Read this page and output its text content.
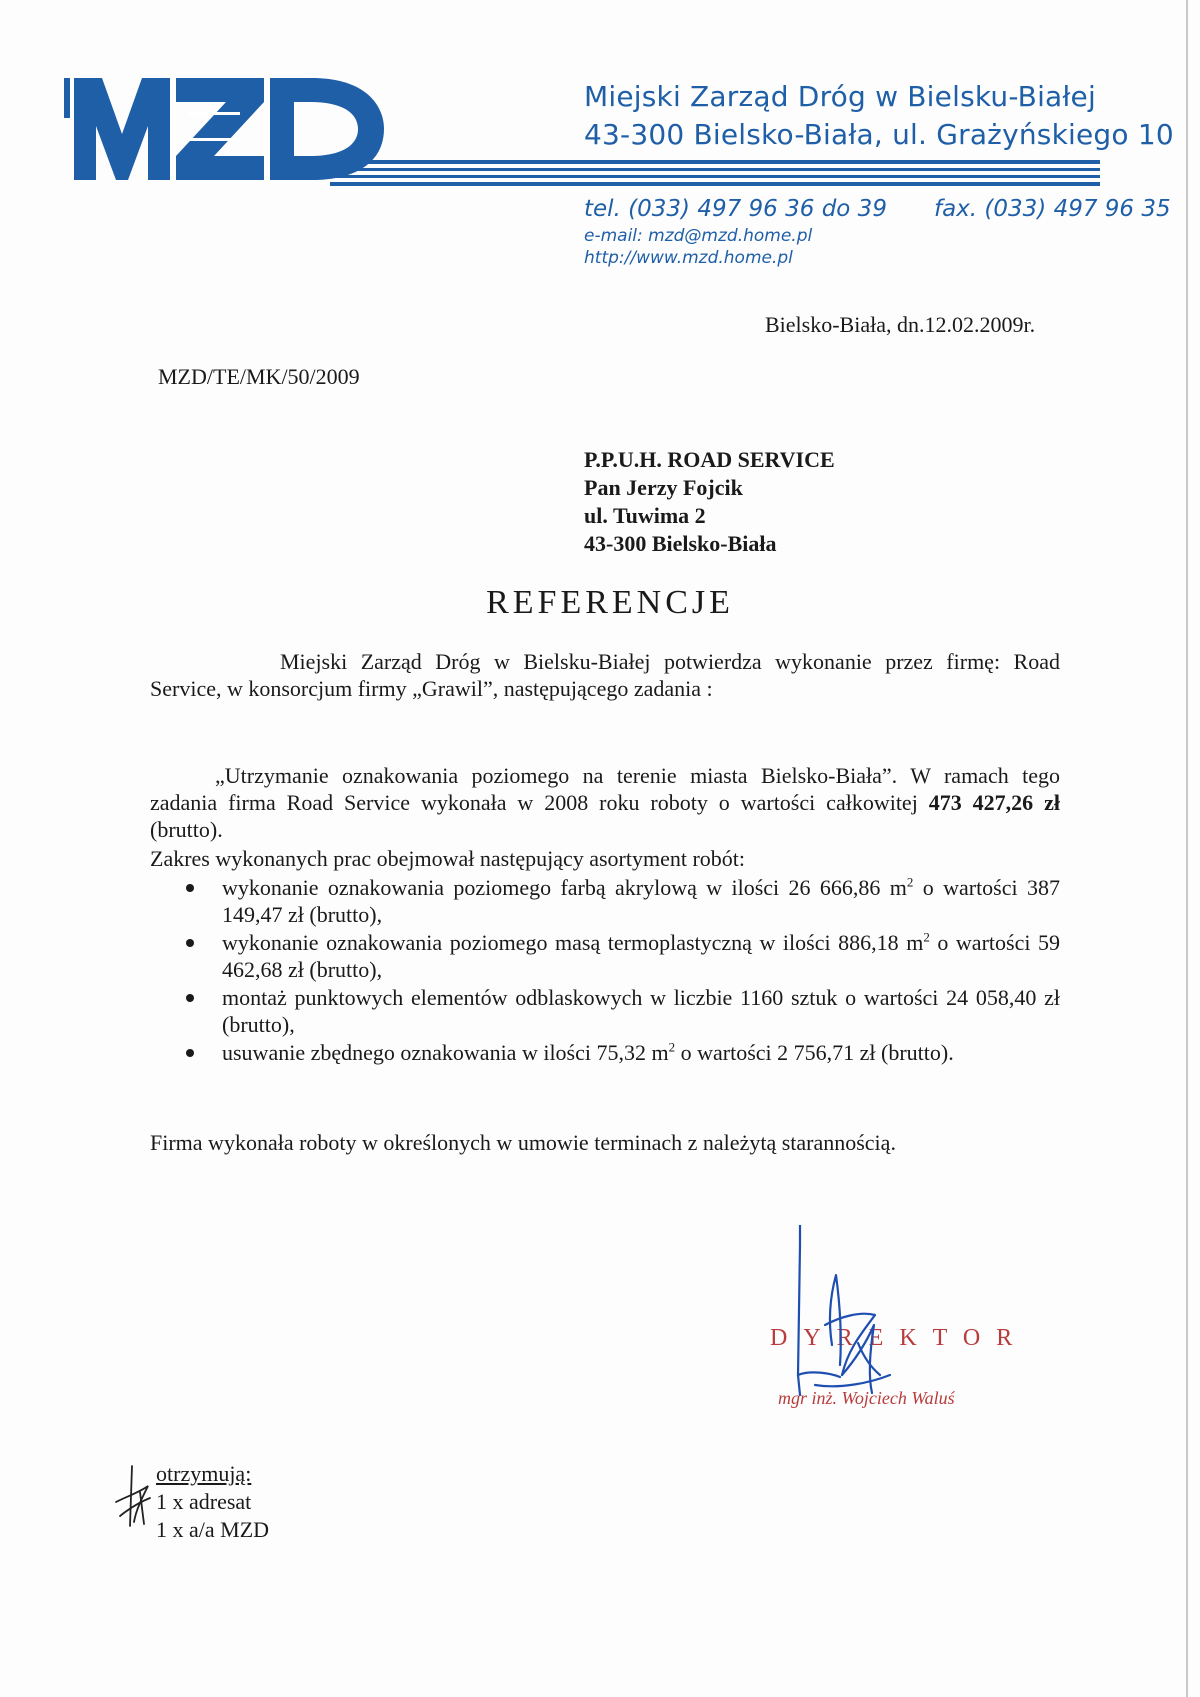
Miejski Zarząd Dróg w Bielsku-Białej
43-300 Bielsko-Biała, ul. Grażyńskiego 10
tel. (033) 497 96 36 do 39 fax. (033) 497 96 35
e-mail: mzd@mzd.home.pl
http://www.mzd.home.pl
Bielsko-Biała, dn.12.02.2009r.
MZD/TE/MK/50/2009
P.P.U.H. ROAD SERVICE
Pan Jerzy Fojcik
ul. Tuwima 2
43-300 Bielsko-Biała
REFERENCJE
Miejski Zarząd Dróg w Bielsku-Białej potwierdza wykonanie przez firmę: Road Service, w konsorcjum firmy „Grawil”, następującego zadania :
„Utrzymanie oznakowania poziomego na terenie miasta Bielsko-Biała”. W ramach tego zadania firma Road Service wykonała w 2008 roku roboty o wartości całkowitej 473 427,26 zł (brutto).
Zakres wykonanych prac obejmował następujący asortyment robót:
wykonanie oznakowania poziomego farbą akrylową w ilości 26 666,86 $m^2$ o wartości 387 149,47 zł (brutto),
wykonanie oznakowania poziomego masą termoplastyczną w ilości 886,18 $m^2$ o wartości 59 462,68 zł (brutto),
montaż punktowych elementów odblaskowych w liczbie 1160 sztuk o wartości 24 058,40 zł (brutto),
usuwanie zbędnego oznakowania w ilości 75,32 $m^2$ o wartości 2 756,71 zł (brutto).
Firma wykonała roboty w określonych w umowie terminach z należytą starannością.
DYREKTOR
mgr inż. Wojciech Waluś
otrzymują:
1 x adresat
1 x a/a MZD
